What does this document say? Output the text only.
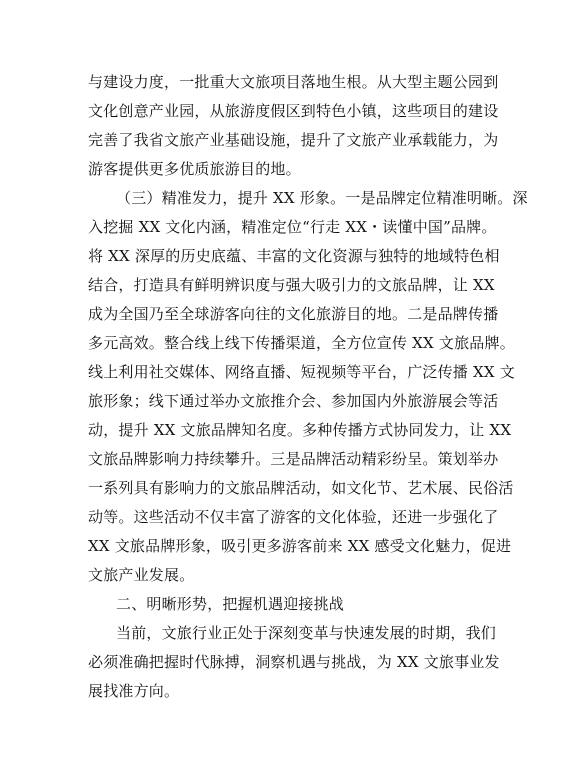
与建设力度，一批重大文旅项目落地生根。从大型主题公园到
文化创意产业园，从旅游度假区到特色小镇，这些项目的建设
完善了我省文旅产业基础设施，提升了文旅产业承载能力，为
游客提供更多优质旅游目的地。
（三）精准发力，提升 XX 形象。一是品牌定位精准明晰。深
入挖掘 XX 文化内涵，精准定位“行走 XX・读懂中国”品牌。
将 XX 深厚的历史底蕴、丰富的文化资源与独特的地域特色相
结合，打造具有鲜明辨识度与强大吸引力的文旅品牌，让 XX
成为全国乃至全球游客向往的文化旅游目的地。二是品牌传播
多元高效。整合线上线下传播渠道，全方位宣传 XX 文旅品牌。
线上利用社交媒体、网络直播、短视频等平台，广泛传播 XX 文
旅形象；线下通过举办文旅推介会、参加国内外旅游展会等活
动，提升 XX 文旅品牌知名度。多种传播方式协同发力，让 XX
文旅品牌影响力持续攀升。三是品牌活动精彩纷呈。策划举办
一系列具有影响力的文旅品牌活动，如文化节、艺术展、民俗活
动等。这些活动不仅丰富了游客的文化体验，还进一步强化了
XX 文旅品牌形象，吸引更多游客前来 XX 感受文化魅力，促进
文旅产业发展。
二、明晰形势，把握机遇迎接挑战
当前，文旅行业正处于深刻变革与快速发展的时期，我们
必须准确把握时代脉搏，洞察机遇与挑战，为 XX 文旅事业发
展找准方向。
